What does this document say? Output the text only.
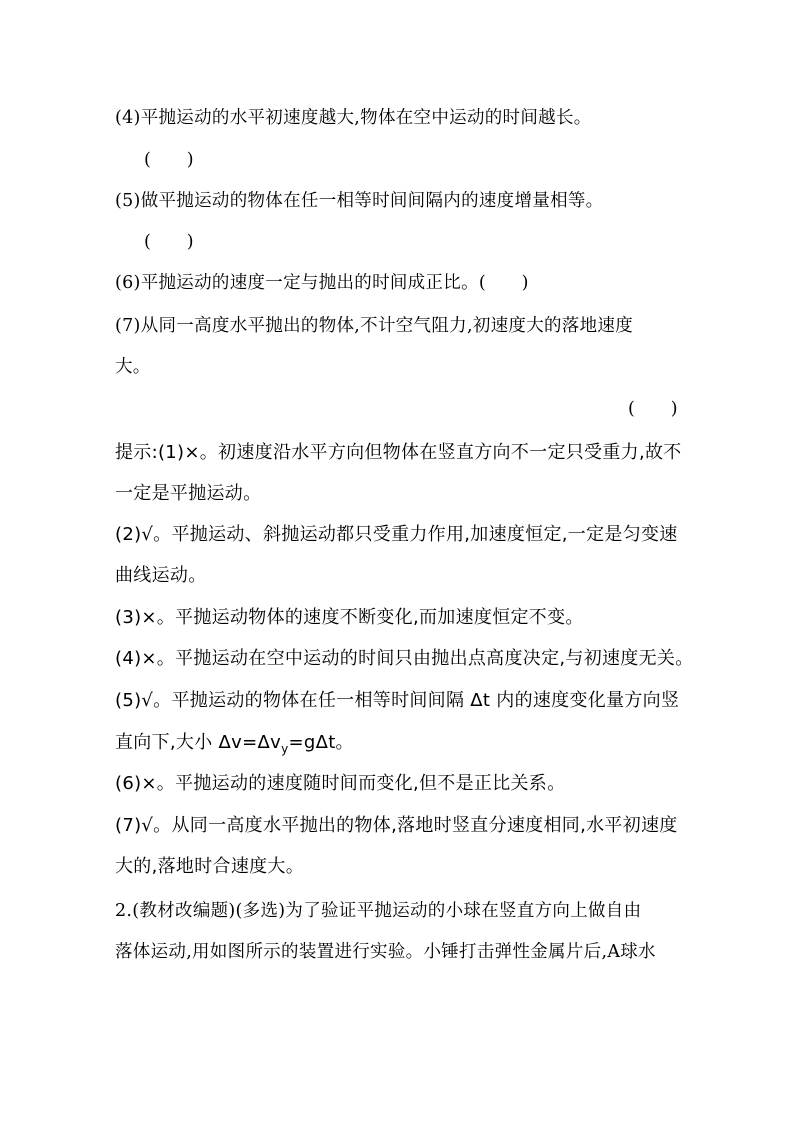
(4)平抛运动的水平初速度越大,物体在空中运动的时间越长。
(　　)
(5)做平抛运动的物体在任一相等时间间隔内的速度增量相等。
(　　)
(6)平抛运动的速度一定与抛出的时间成正比。(　　)
(7)从同一高度水平抛出的物体,不计空气阻力,初速度大的落地速度
大。
(　　)
提示:(1)×。初速度沿水平方向但物体在竖直方向不一定只受重力,故不
一定是平抛运动。
(2)√。平抛运动、斜抛运动都只受重力作用,加速度恒定,一定是匀变速
曲线运动。
(3)×。平抛运动物体的速度不断变化,而加速度恒定不变。
(4)×。平抛运动在空中运动的时间只由抛出点高度决定,与初速度无关。
(5)√。平抛运动的物体在任一相等时间间隔 Δt 内的速度变化量方向竖
直向下,大小 $\Delta v=\Delta v_y=g\Delta t$。
(6)×。平抛运动的速度随时间而变化,但不是正比关系。
(7)√。从同一高度水平抛出的物体,落地时竖直分速度相同,水平初速度
大的,落地时合速度大。
2.(教材改编题)(多选)为了验证平抛运动的小球在竖直方向上做自由
落体运动,用如图所示的装置进行实验。小锤打击弹性金属片后,A球水
